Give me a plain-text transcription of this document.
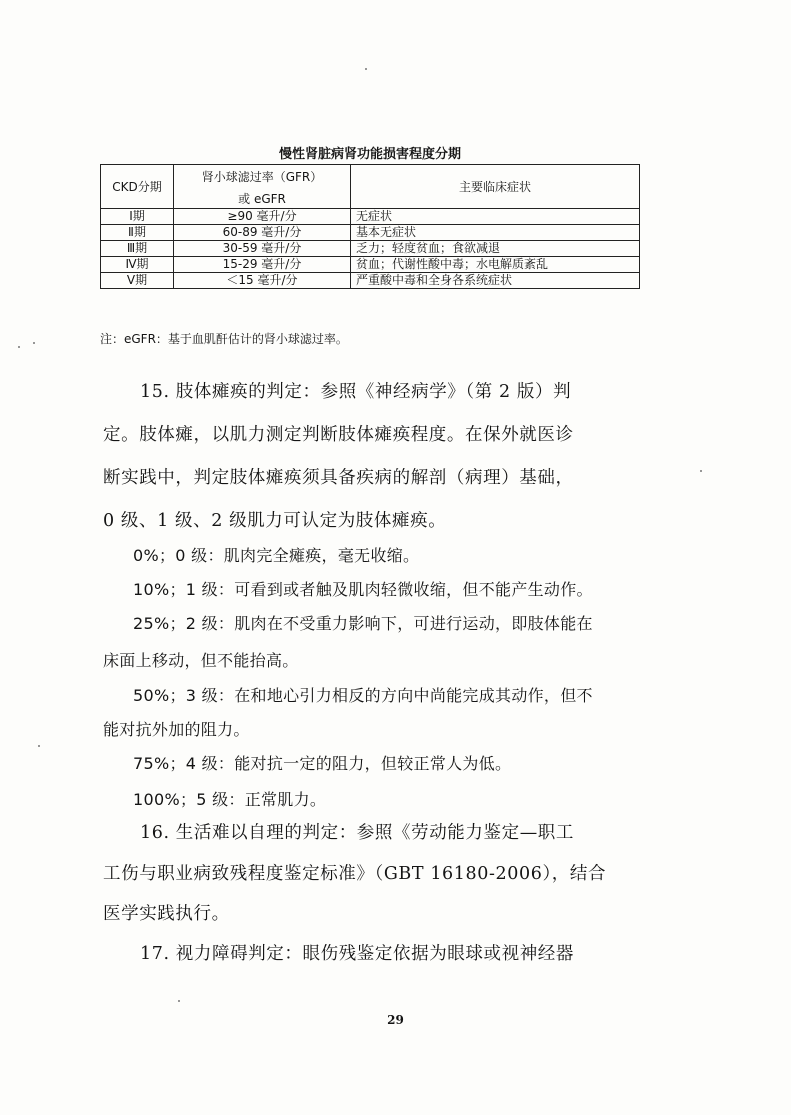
慢性肾脏病肾功能损害程度分期
CKD分期	肾小球滤过率（GFR）	主要临床症状
	或 eGFR	
Ⅰ期	≥90 毫升/分	无症状
Ⅱ期	60-89 毫升/分	基本无症状
Ⅲ期	30-59 毫升/分	乏力；轻度贫血；食欲减退
Ⅳ期	15-29 毫升/分	贫血；代谢性酸中毒；水电解质紊乱
Ⅴ期	＜15 毫升/分	严重酸中毒和全身各系统症状
注：eGFR：基于血肌酐估计的肾小球滤过率。
15. 肢体瘫痪的判定：参照《神经病学》（第 2 版）判
定。肢体瘫，以肌力测定判断肢体瘫痪程度。在保外就医诊
断实践中，判定肢体瘫痪须具备疾病的解剖（病理）基础，
0 级、1 级、2 级肌力可认定为肢体瘫痪。
0%；0 级：肌肉完全瘫痪，毫无收缩。
10%；1 级：可看到或者触及肌肉轻微收缩，但不能产生动作。
25%；2 级：肌肉在不受重力影响下，可进行运动，即肢体能在
床面上移动，但不能抬高。
50%；3 级：在和地心引力相反的方向中尚能完成其动作，但不
能对抗外加的阻力。
75%；4 级：能对抗一定的阻力，但较正常人为低。
100%；5 级：正常肌力。
16. 生活难以自理的判定：参照《劳动能力鉴定—职工
工伤与职业病致残程度鉴定标准》（GBT 16180-2006），结合
医学实践执行。
17. 视力障碍判定：眼伤残鉴定依据为眼球或视神经器
29
